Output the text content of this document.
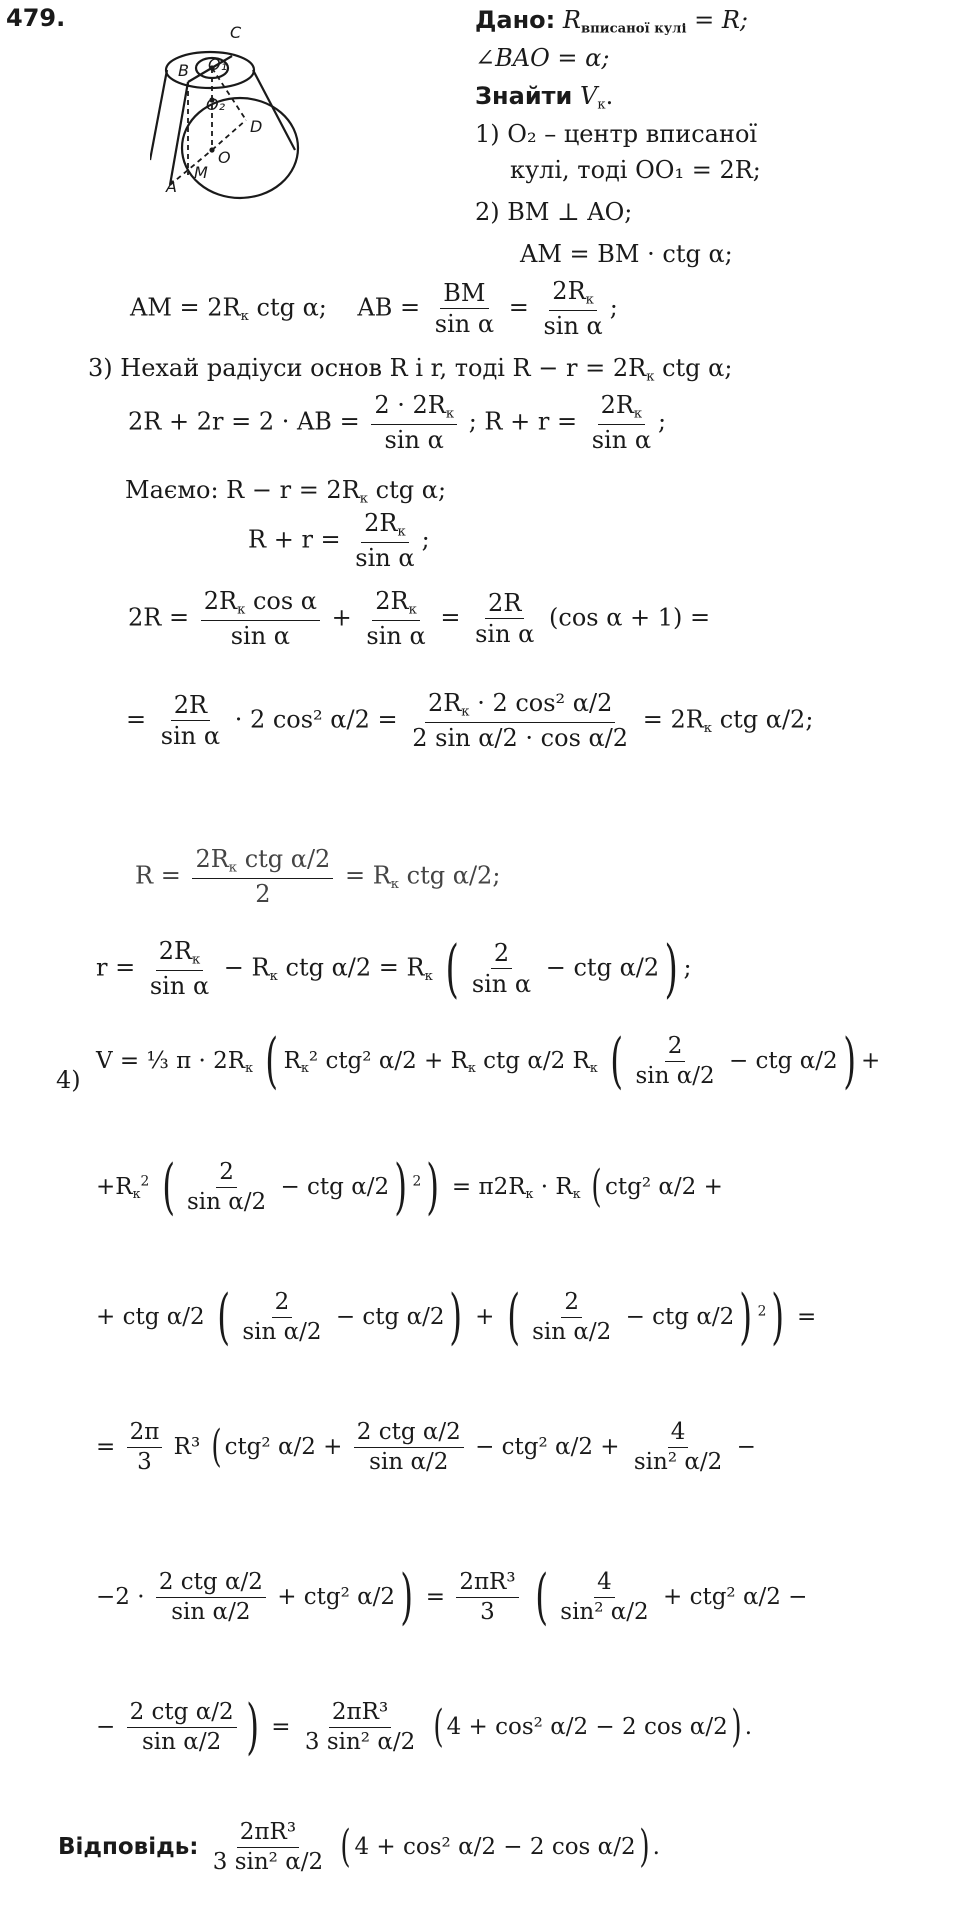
479.
C
B O₁
O₂
D
O
M
A
Дано: $R_{вписаної кулі} = R$;
∠BAO = α;
Знайти $V_к$.
1) O₂ – центр вписаної
кулі, тоді OO₁ = 2R;
2) BM ⊥ AO;
AM = BM · ctg α;
AM = $2R_к$ ctg α; AB = $\frac{BM}{\text{sin α}} = \frac{2R_к}{\text{sin α}}$ ;
3) Нехай радіуси основ R і r, тоді $R - r = 2R_к$ ctg α;
2R + 2r = 2 · AB = $\frac{2 \cdot 2R_к}{\text{sin α}}$ ; $R + r = \frac{2R_к}{\text{sin α}}$ ;
Маємо: $R - r = 2R_к$ ctg α;
$R + r = \frac{2R_к}{\text{sin α}}$ ;
$2R = \frac{2R_к \cos \alpha}{\text{sin α}} + \frac{2R_к}{\text{sin α}} = \frac{2R}{\text{sin α}} (\cos$ α + 1) =
= $\frac{2R}{\text{sin α}} \cdot 2$ cos² $\alpha/2 = \frac{2R_к \cdot 2 \cos^2 \alpha/2}{\text{2 sin α/2 · cos α/2}} = 2R_к$ ctg α/2;
$R = \frac{2R_к ctg \alpha/2}{2} = R_к$ ctg α/2;
$r = \frac{2R_к}{\text{sin α}} - R_к$ ctg $\alpha/2 = R_к$ ( $\frac{2}{\text{sin α}}$ − ctg α/2) ;
4)
V = ⅓ $\pi \cdot 2R_к$ ( $R_к^2$ ctg² $\alpha/2 + R_к$ ctg α/2 $R_к$ ( $\frac{2}{\text{sin α/2}}$ − ctg α/2) +
$+R_к^2$ ( $\frac{2}{\text{sin α/2}}$ − ctg α/2) $^2) = \pi 2R_к \cdot R_к$ ( ctg² α/2 +
+ ctg α/2 ( $\frac{2}{\text{sin α/2}}$ − ctg α/2) + ( $\frac{2}{\text{sin α/2}}$ − ctg α/2) $^2$) =
= $\frac{2\pi}{3} R^3$ ( ctg² $\alpha/2 + \frac{\text{2 ctg α/2}}{\text{sin α/2}} - ctg^2$ $\alpha/2 + \frac{4}{\text{sin² α/2}}$ −
$-2 \cdot \frac{\text{2 ctg α/2}}{\text{sin α/2}} + ctg^2$ $\alpha/2) = \frac{\text{2πR³}}{3}$ ( $\frac{4}{\text{sin² α/2}} + ctg^2$ α/2 −
− $\frac{\text{2 ctg α/2}}{\text{sin α/2}}$ ) = $\frac{\text{2πR³}}{\text{3 sin² α/2}}$ ( 4 + cos² α/2 − 2 cos α/2) .
Відповідь: $\frac{\text{2πR³}}{\text{3 sin² α/2}}$ ( 4 + cos² α/2 − 2 cos α/2) .
